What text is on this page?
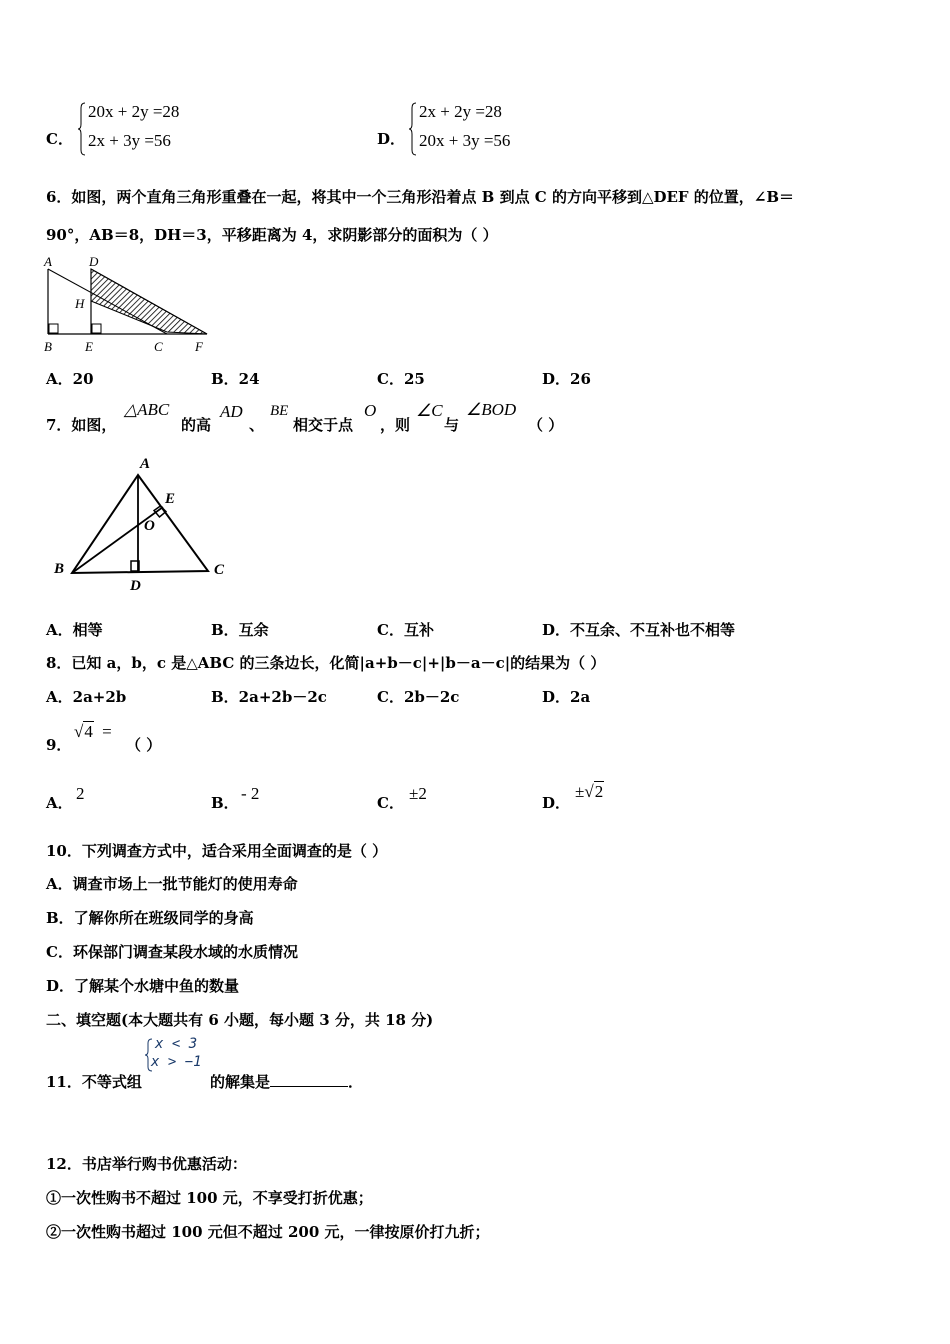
C．
20x + 2y =28
2x + 3y =56	D．
2x + 2y =28
20x + 3y =56
6．如图，两个直角三角形重叠在一起，将其中一个三角形沿着点 B 到点 C 的方向平移到△DEF 的位置，∠B＝
90°，AB＝8，DH＝3，平移距离为 4，求阴影部分的面积为（ ）
A	D
H
B	E	C F
A．20	B．24	C．25	D．26
7．如图，
△ABC
的高
AD
、
BE
相交于点
O
，则
∠C
与
∠BOD
（ ）
A
B	C
D
E
O
A．相等	B．互余	C．互补	D．不互余、不互补也不相等
8．已知 a，b，c 是△ABC 的三条边长，化简|a+b－c|+|b－a－c|的结果为（ ）
A．2a+2b	B．2a+2b－2c	C．2b－2c	D．2a
9．
√4 =
（ ）
A． 2	B． - 2	C． ±2	D．
±√2
10．下列调查方式中，适合采用全面调查的是（ ）
A．调查市场上一批节能灯的使用寿命
B．了解你所在班级同学的身高
C．环保部门调查某段水域的水质情况
D．了解某个水塘中鱼的数量
二、填空题(本大题共有 6 小题，每小题 3 分，共 18 分)
11．不等式组
x < 3
x > −1
的解集是	．
12．书店举行购书优惠活动：
①一次性购书不超过 100 元，不享受打折优惠；
②一次性购书超过 100 元但不超过 200 元，一律按原价打九折；
